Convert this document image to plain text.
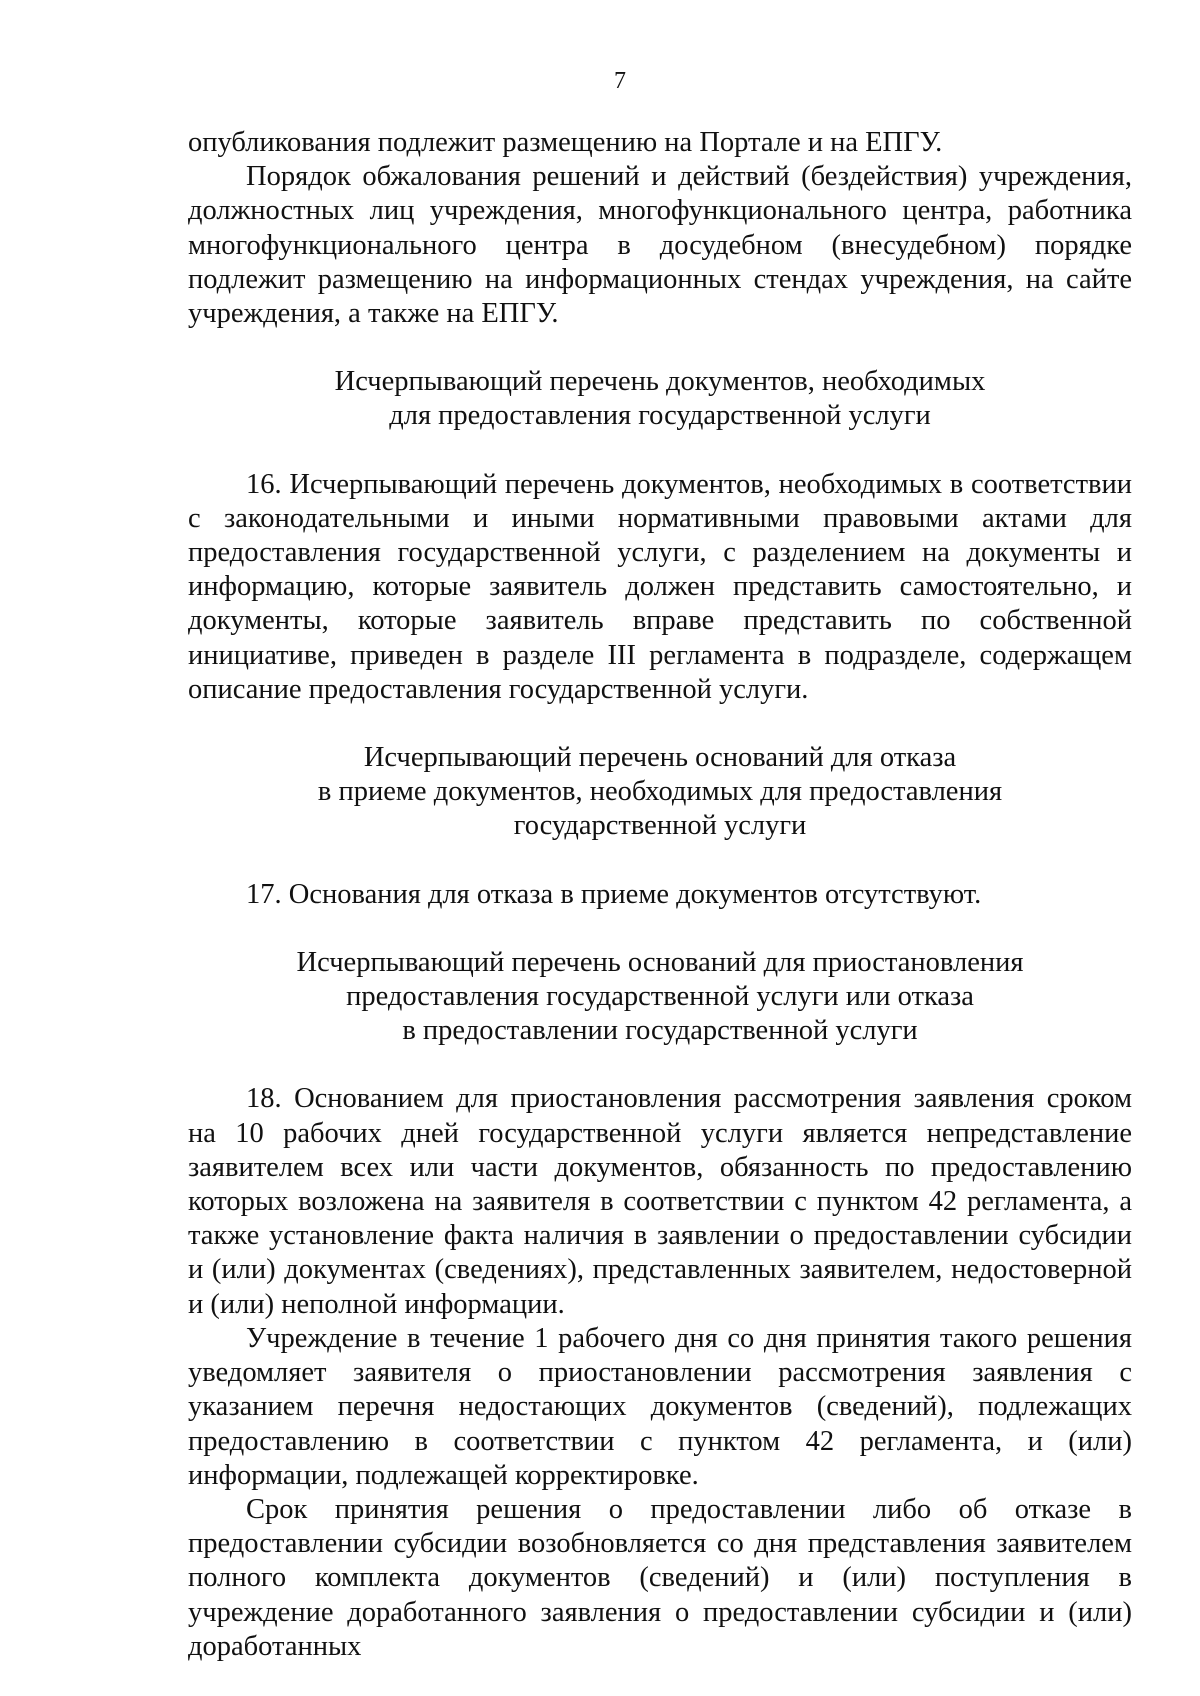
7

опубликования подлежит размещению на Портале и на ЕПГУ.

Порядок обжалования решений и действий (бездействия) учреждения, должностных лиц учреждения, многофункционального центра, работника многофункционального центра в досудебном (внесудебном) порядке подлежит размещению на информационных стендах учреждения, на сайте учреждения, а также на ЕПГУ.

Исчерпывающий перечень документов, необходимых
для предоставления государственной услуги

16. Исчерпывающий перечень документов, необходимых в соответствии с законодательными и иными нормативными правовыми актами для предоставления государственной услуги, с разделением на документы и информацию, которые заявитель должен представить самостоятельно, и документы, которые заявитель вправе представить по собственной инициативе, приведен в разделе III регламента в подразделе, содержащем описание предоставления государственной услуги.

Исчерпывающий перечень оснований для отказа
в приеме документов, необходимых для предоставления
государственной услуги

17. Основания для отказа в приеме документов отсутствуют.

Исчерпывающий перечень оснований для приостановления
предоставления государственной услуги или отказа
в предоставлении государственной услуги

18. Основанием для приостановления рассмотрения заявления сроком на 10 рабочих дней государственной услуги является непредставление заявителем всех или части документов, обязанность по предоставлению которых возложена на заявителя в соответствии с пунктом 42 регламента, а также установление факта наличия в заявлении о предоставлении субсидии и (или) документах (сведениях), представленных заявителем, недостоверной и (или) неполной информации.

Учреждение в течение 1 рабочего дня со дня принятия такого решения уведомляет заявителя о приостановлении рассмотрения заявления с указанием перечня недостающих документов (сведений), подлежащих предоставлению в соответствии с пунктом 42 регламента, и (или) информации, подлежащей корректировке.

Срок принятия решения о предоставлении либо об отказе в предоставлении субсидии возобновляется со дня представления заявителем полного комплекта документов (сведений) и (или) поступления в учреждение доработанного заявления о предоставлении субсидии и (или) доработанных
